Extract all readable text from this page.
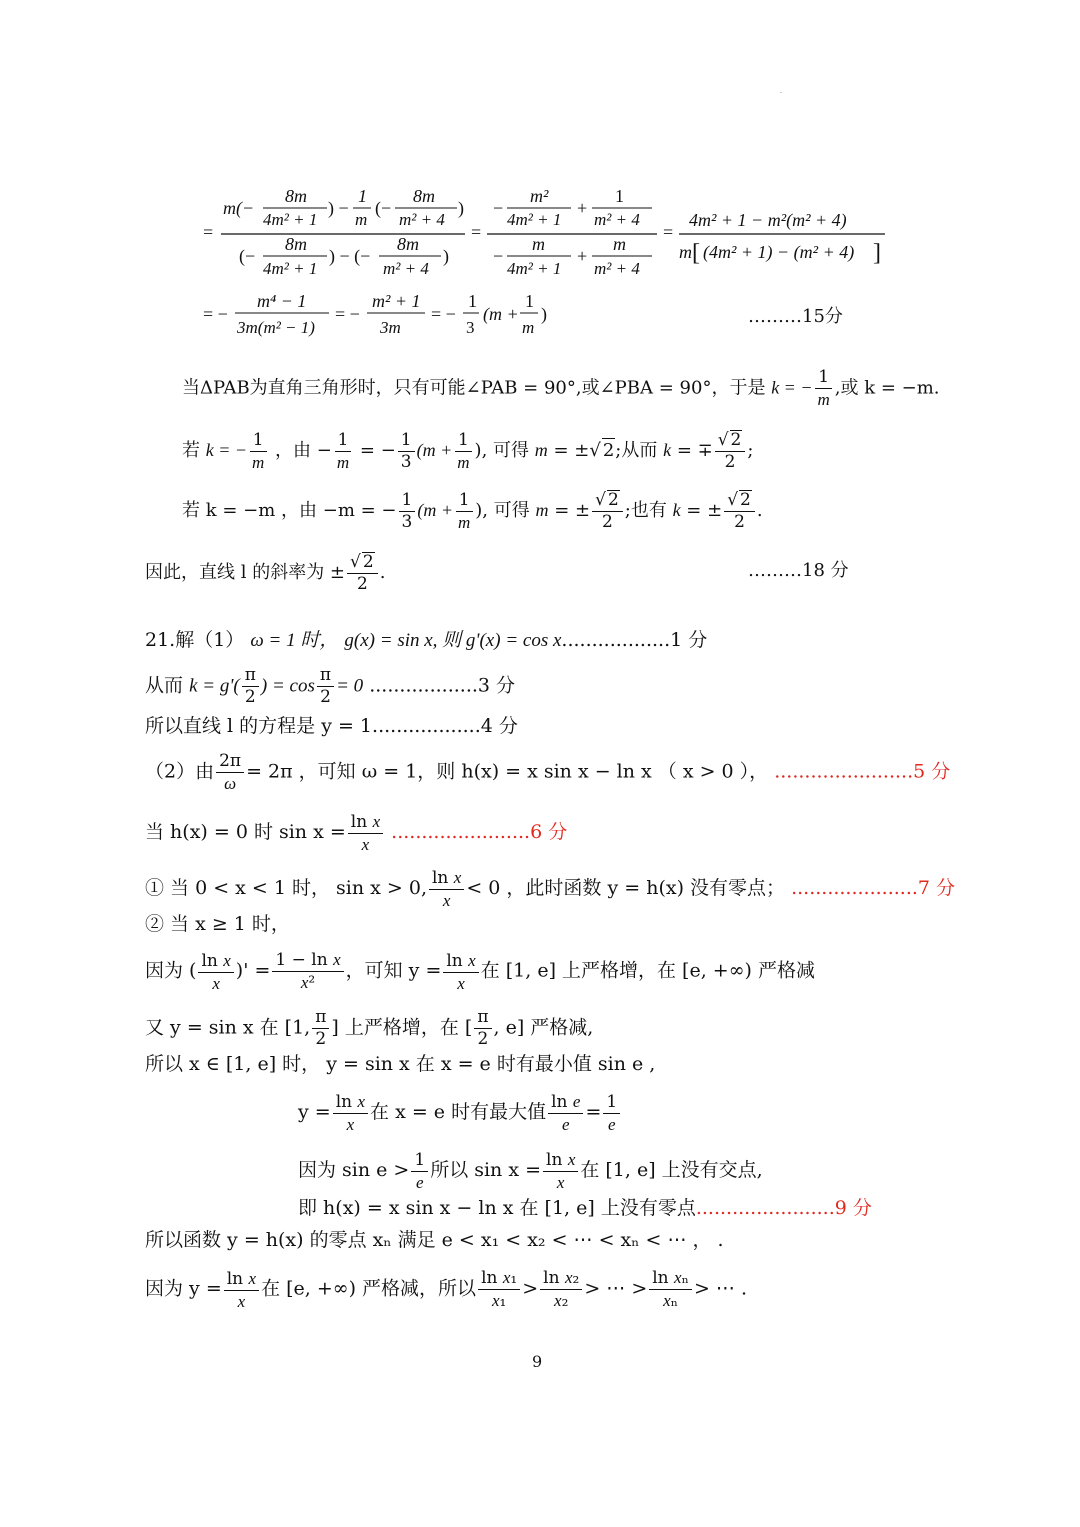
=
m(−
8m
4m² + 1
) −
1
m
(−
8m
m² + 4
)
(−
8m
4m² + 1
) − (−
8m
m² + 4
)
=
−
m²
4m² + 1
+
1
m² + 4
−
m
4m² + 1
+
m
m² + 4
=
4m² + 1 − m²(m² + 4)
m [ (4m² + 1) − (m² + 4) ]
= −
m⁴ − 1
3m(m² − 1)
= −
m² + 1
3m
= −
1
3
(m +
1
m
)	………15分
当ΔPAB为直角三角形时，只有可能∠PAB = 90°,或∠PBA = 90°，于是 k = − $\frac{1}{m}$ ,或 k = −m.
若 k = − $\frac{1}{m}$ ，由 − $\frac{1}{m}$ = − $\frac{1}{3} (m + \frac{1}{m}$ ), 可得 m = ±√ 2;从而 k = ∓ $\frac{√ 2}{2}$ ;
若 k = −m ，由 −m = − $\frac{1}{3} (m + \frac{1}{m}$ ), 可得 m = ± $\frac{√ 2}{2}$ ;也有 k = ± $\frac{√ 2}{2}$ .
因此，直线 l 的斜率为 ± $\frac{√ 2}{2}$ .	………18 分
21.解（1） ω = 1 时， g(x) = sin x, 则 g'(x) = cos x..................1 分
从而 $k = g'( \frac{\pi}{2}$ ) = $\cos \frac{\pi}{2} = 0$ ..................3 分
所以直线 l 的方程是 y = 1..................4 分
（2）由 $\frac{2\pi}{\omega} = 2\pi$ ，可知 ω = 1，则 h(x) = x sin x − ln x （ x > 0 ）， .......................5 分
当 h(x) = 0 时 $\sin x = \frac{\text{ln x}}{x} .......................6$ 分
① 当 0 < x < 1 时， sin x > 0, $\frac{\text{ln x}}{x} < 0$ ，此时函数 y = h(x) 没有零点； .....................7 分
② 当 x ≥ 1 时，
因为 ( $\frac{\text{ln x}}{x}$ )' = $\frac{\text{1 − ln x}}{\text{x²}}$ ，可知 $y = \frac{\text{ln x}}{x}$ 在 [1, e] 上严格增，在 [e, +∞) 严格减
又 y = sin x 在 [1, $\frac{\pi}{2}$ ] 上严格增，在 [ $\frac{\pi}{2}$ , e] 严格减,
所以 x ∈ [1, e] 时， y = sin x 在 x = e 时有最小值 sin e ,
$y = \frac{\text{ln x}}{x}$ 在 x = e 时有最大值 $\frac{\text{ln e}}{e} = \frac{1}{e}$
因为 $\sin e > \frac{1}{e}$ 所以 $\sin x = \frac{\text{ln x}}{x}$ 在 [1, e] 上没有交点,
即 h(x) = x sin x − ln x 在 [1, e] 上没有零点.......................9 分
所以函数 y = h(x) 的零点 xₙ 满足 e < x₁ < x₂ < ⋯ < xₙ < ⋯ ， .
因为 $y = \frac{\text{ln x}}{x}$ 在 [e, +∞) 严格减，所以 $\frac{\text{ln x₁}}{\text{x₁}} > \frac{\text{ln x₂}}{\text{x₂}}$ > ⋯ > $\frac{\text{ln xₙ}}{\text{xₙ}}$ > ⋯ .
9
